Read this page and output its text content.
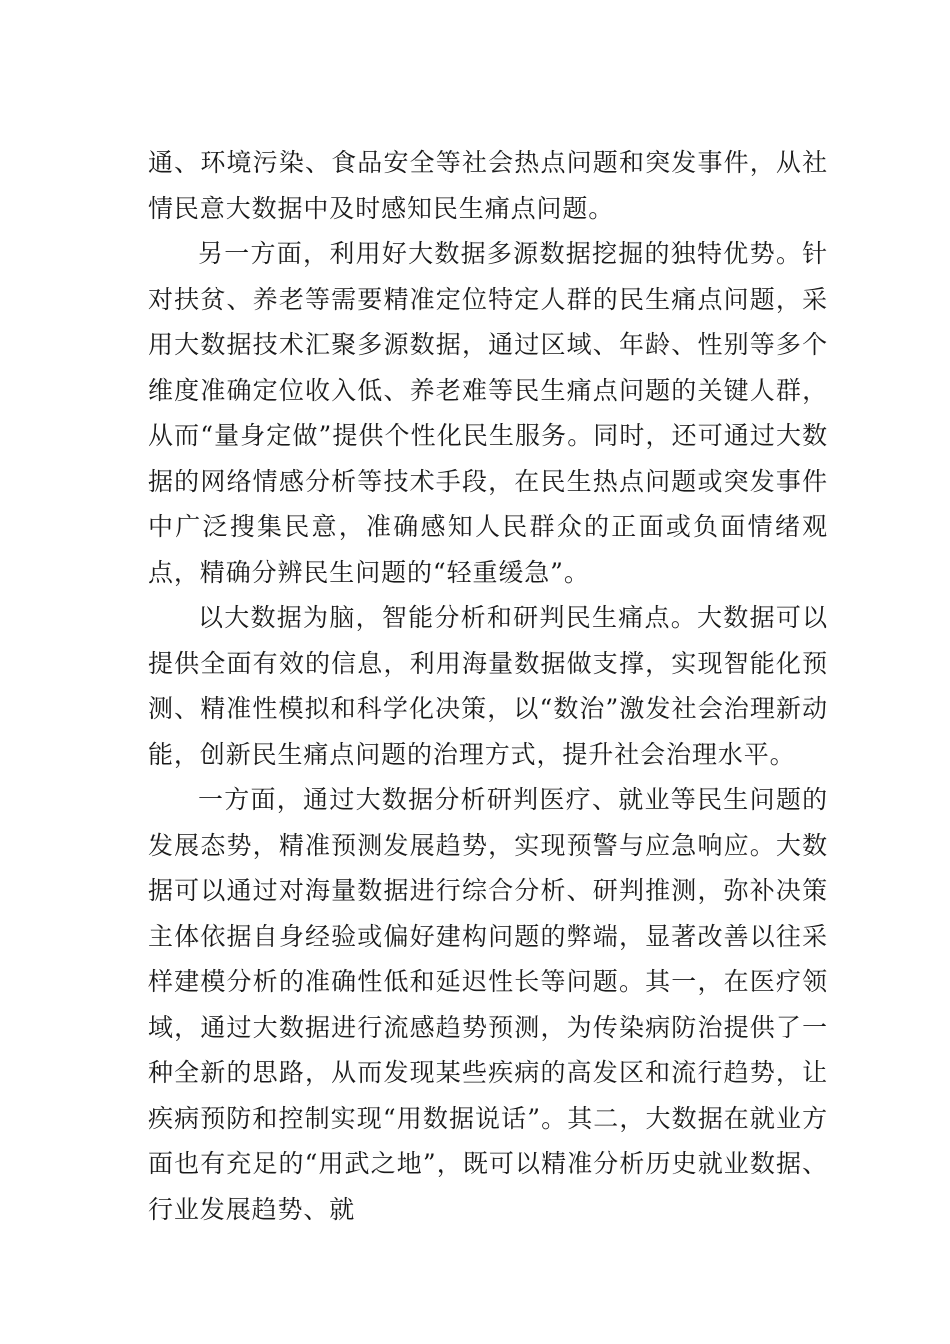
通、环境污染、食品安全等社会热点问题和突发事件，从社情民意大数据中及时感知民生痛点问题。

另一方面，利用好大数据多源数据挖掘的独特优势。针对扶贫、养老等需要精准定位特定人群的民生痛点问题，采用大数据技术汇聚多源数据，通过区域、年龄、性别等多个维度准确定位收入低、养老难等民生痛点问题的关键人群，从而“量身定做”提供个性化民生服务。同时，还可通过大数据的网络情感分析等技术手段，在民生热点问题或突发事件中广泛搜集民意，准确感知人民群众的正面或负面情绪观点，精确分辨民生问题的“轻重缓急”。

以大数据为脑，智能分析和研判民生痛点。大数据可以提供全面有效的信息，利用海量数据做支撑，实现智能化预测、精准性模拟和科学化决策，以“数治”激发社会治理新动能，创新民生痛点问题的治理方式，提升社会治理水平。

一方面，通过大数据分析研判医疗、就业等民生问题的发展态势，精准预测发展趋势，实现预警与应急响应。大数据可以通过对海量数据进行综合分析、研判推测，弥补决策主体依据自身经验或偏好建构问题的弊端，显著改善以往采样建模分析的准确性低和延迟性长等问题。其一，在医疗领域，通过大数据进行流感趋势预测，为传染病防治提供了一种全新的思路，从而发现某些疾病的高发区和流行趋势，让疾病预防和控制实现“用数据说话”。其二，大数据在就业方面也有充足的“用武之地”，既可以精准分析历史就业数据、行业发展趋势、就
